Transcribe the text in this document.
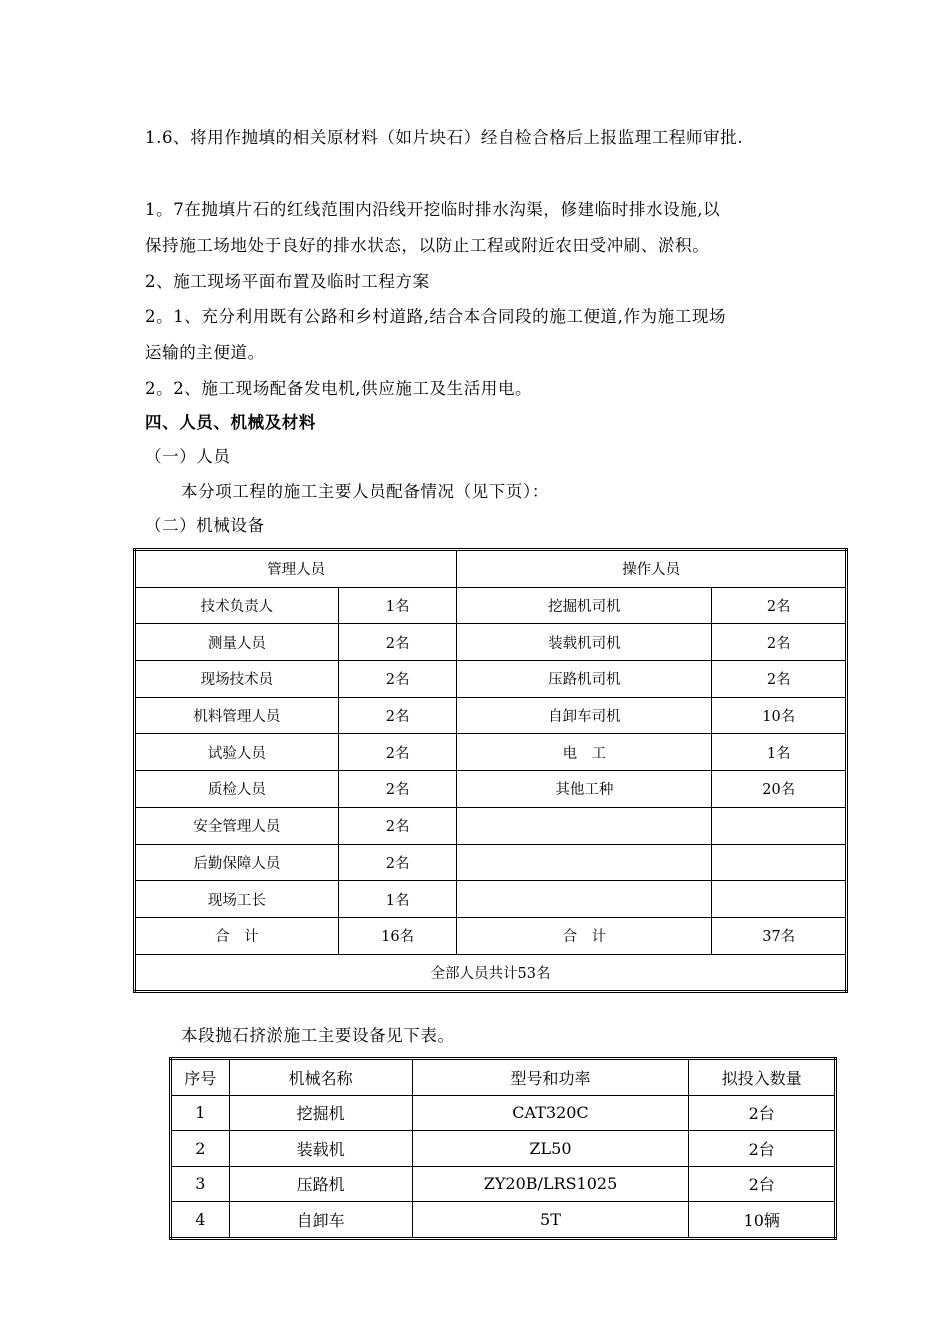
1.6、将用作抛填的相关原材料（如片块石）经自检合格后上报监理工程师审批.
1。7在抛填片石的红线范围内沿线开挖临时排水沟渠，修建临时排水设施,以
保持施工场地处于良好的排水状态，以防止工程或附近农田受冲刷、淤积。
2、施工现场平面布置及临时工程方案
2。1、充分利用既有公路和乡村道路,结合本合同段的施工便道,作为施工现场
运输的主便道。
2。2、施工现场配备发电机,供应施工及生活用电。
四、人员、机械及材料
（一）人员
本分项工程的施工主要人员配备情况（见下页）：
（二）机械设备
管理人员		操作人员	
技术负责人	1名	挖掘机司机	2名
测量人员	2名	装载机司机	2名
现场技术员	2名	压路机司机	2名
机料管理人员	2名	自卸车司机	10名
试验人员	2名	电　工	1名
质检人员	2名	其他工种	20名
安全管理人员	2名		
后勤保障人员	2名		
现场工长	1名		
合　计	16名	合　计	37名
全部人员共计53名			
本段抛石挤淤施工主要设备见下表。
序号	机械名称	型号和功率	拟投入数量
1	挖掘机	CAT320C	2台
2	装载机	ZL50	2台
3	压路机	ZY20B/LRS1025	2台
4	自卸车	5T	10辆
